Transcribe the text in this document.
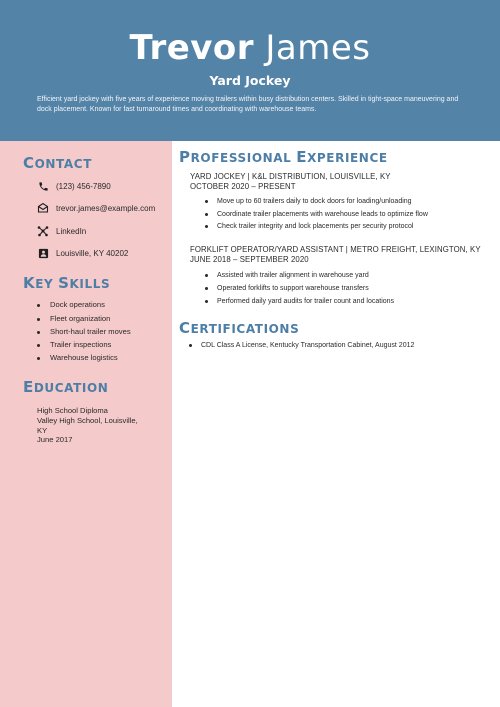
Trevor James
Yard Jockey
Efficient yard jockey with five years of experience moving trailers within busy distribution centers. Skilled in tight-space maneuvering and dock placement. Known for fast turnaround times and coordinating with warehouse teams.
CONTACT
(123) 456-7890
trevor.james@example.com
LinkedIn
Louisville, KY 40202
KEY SKILLS
Dock operations
Fleet organization
Short-haul trailer moves
Trailer inspections
Warehouse logistics
EDUCATION
High School Diploma
Valley High School, Louisville,
KY
June 2017
PROFESSIONAL EXPERIENCE
YARD JOCKEY | K&L DISTRIBUTION, LOUISVILLE, KY
OCTOBER 2020 – PRESENT
Move up to 60 trailers daily to dock doors for loading/unloading
Coordinate trailer placements with warehouse leads to optimize flow
Check trailer integrity and lock placements per security protocol
FORKLIFT OPERATOR/YARD ASSISTANT | METRO FREIGHT, LEXINGTON, KY
JUNE 2018 – SEPTEMBER 2020
Assisted with trailer alignment in warehouse yard
Operated forklifts to support warehouse transfers
Performed daily yard audits for trailer count and locations
CERTIFICATIONS
CDL Class A License, Kentucky Transportation Cabinet, August 2012
